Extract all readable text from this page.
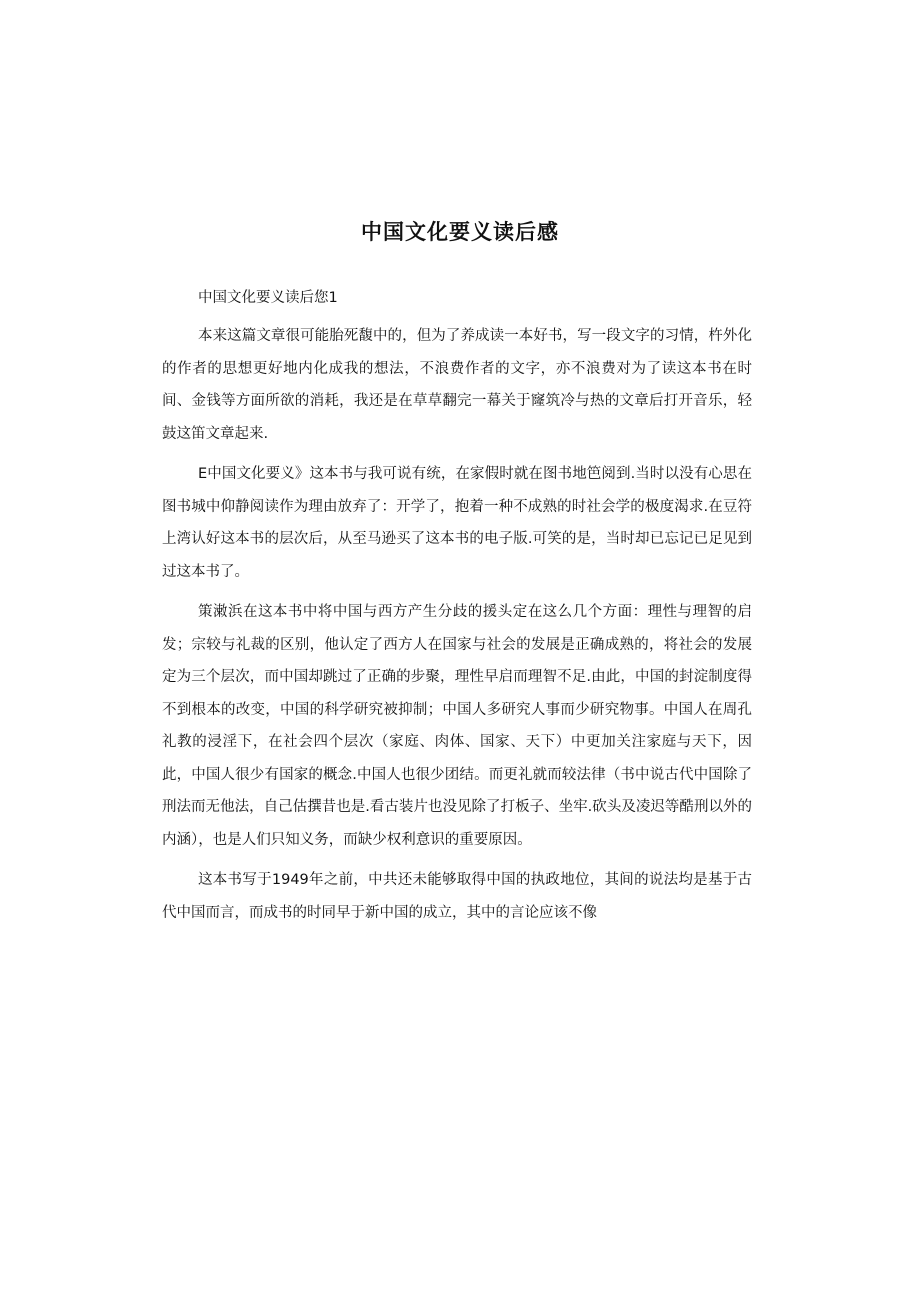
中国文化要义读后感

中国文化要义读后您1

本来这篇文章很可能胎死馥中的，但为了养成读一本好书，写一段文字的习情，杵外化的作者的思想更好地内化成我的想法，不浪费作者的文字，亦不浪费对为了读这本书在时间、金钱等方面所欲的消耗，我还是在草草翻完一幕关于窿筑冷与热的文章后打开音乐，轻鼓这笛文章起来.

E中国文化要义》这本书与我可说有统，在家假时就在图书地笆阅到.当时以没有心思在图书城中仰静阅读作为理由放弃了：开学了，抱着一种不成熟的时社会学的极度渴求.在豆符上湾认好这本书的层次后，从至马逊买了这本书的电子版.可笑的是，当时却已忘记已足见到过这本书了。

策潄浜在这本书中将中国与西方产生分歧的援头定在这么几个方面：理性与理智的启发；宗较与礼裁的区别，他认定了西方人在国家与社会的发展是正确成熟的，将社会的发展定为三个层次，而中国却跳过了正确的步聚，理性早启而理智不足.由此，中国的封淀制度得不到根本的改变，中国的科学研究被抑制；中国人多研究人事而少研究物事。中国人在周孔礼教的浸淫下，在社会四个层次（家庭、肉体、国家、天下）中更加关注家庭与天下，因此，中国人很少有国家的概念.中国人也很少团结。而更礼就而较法律（书中说古代中国除了刑法而无他法，自己估撰昔也是.看古装片也没见除了打板子、坐牢.砍头及凌迟等酷刑以外的内涵），也是人们只知义务，而缺少权利意识的重要原因。

这本书写于1949年之前，中共还未能够取得中国的执政地位，其间的说法均是基于古代中国而言，而成书的时同早于新中国的成立，其中的言论应该不像
